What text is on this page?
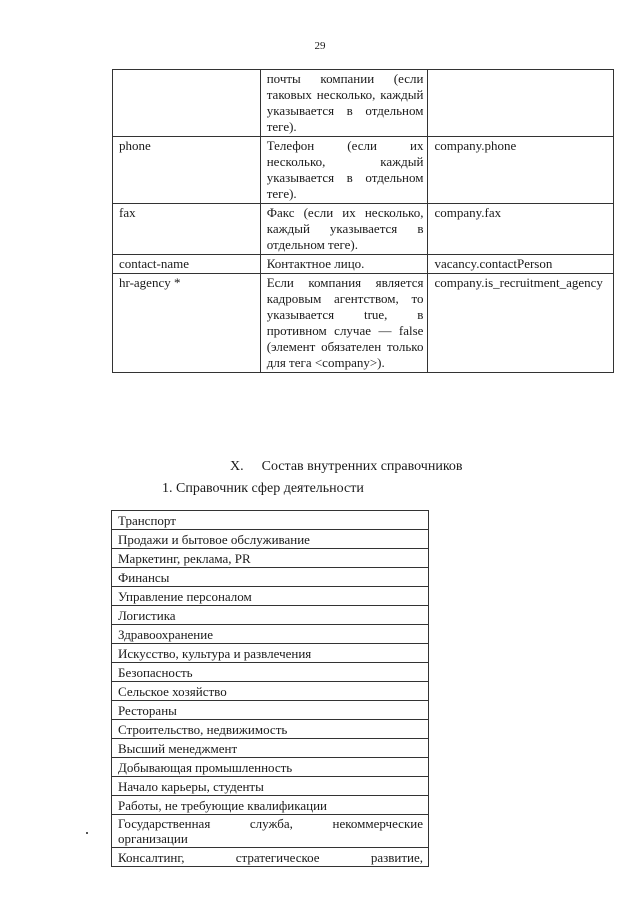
29
	почты компании (если таковых несколько, каждый указывается в отдельном теге).	
phone	Телефон (если их несколько, каждый указывается в отдельном теге).	company.phone
fax	Факс (если их несколько, каждый указывается в отдельном теге).	company.fax
contact-name	Контактное лицо.	vacancy.contactPerson
hr-agency *	Если компания является кадровым агентством, то указывается true, в противном случае — false (элемент обязателен только для тега <company>).	company.is_recruitment_agency
X. Состав внутренних справочников
1. Справочник сфер деятельности
Транспорт
Продажи и бытовое обслуживание
Маркетинг, реклама, PR
Финансы
Управление персоналом
Логистика
Здравоохранение
Искусство, культура и развлечения
Безопасность
Сельское хозяйство
Рестораны
Строительство, недвижимость
Высший менеджмент
Добывающая промышленность
Начало карьеры, студенты
Работы, не требующие квалификации
Государственная служба, некоммерческие организации
Консалтинг, стратегическое развитие,
